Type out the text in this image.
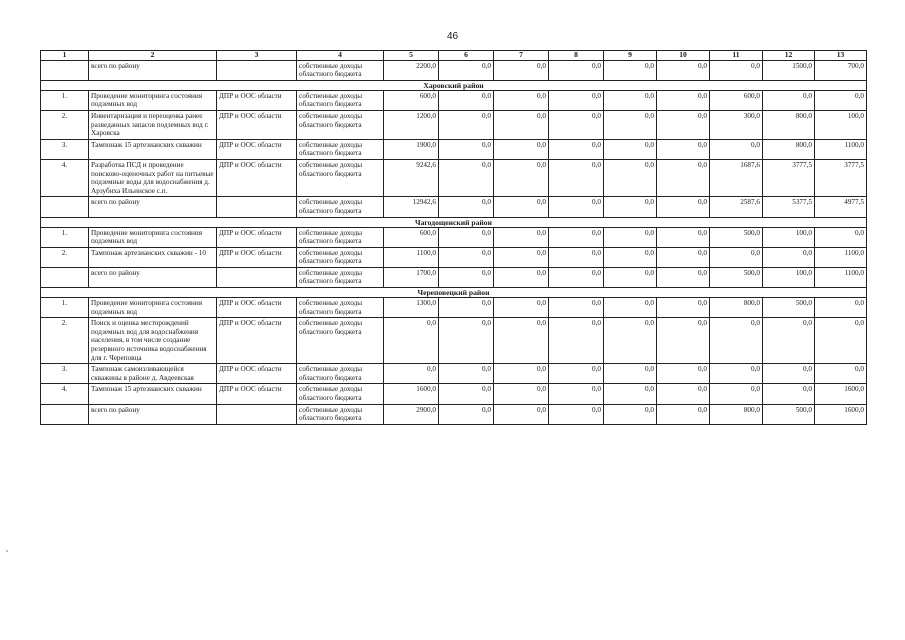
46
1	2	3	4	5	6	7	8	9	10	11	12	13
	всего по району		собственные доходы областного бюджета	2200,0	0,0	0,0	0,0	0,0	0,0	0,0	1500,0	700,0
Харовский район												
1.	Проведение мониторинга состояния подземных вод	ДПР и ООС области	собственные доходы областного бюджета	600,0	0,0	0,0	0,0	0,0	0,0	600,0	0,0	0,0
2.	Инвентаризация и переоценка ранее разведанных запасов подземных вод г. Харовска	ДПР и ООС области	собственные доходы областного бюджета	1200,0	0,0	0,0	0,0	0,0	0,0	300,0	800,0	100,0
3.	Тампонаж 15 артезианских скважин	ДПР и ООС области	собственные доходы областного бюджета	1900,0	0,0	0,0	0,0	0,0	0,0	0,0	800,0	1100,0
4.	Разработка ПСД и проведение поисково-оценочных работ на питьевые подземные воды для водоснабжения д. Арзубиха Ильинское с.п.	ДПР и ООС области	собственные доходы областного бюджета	9242,6	0,0	0,0	0,0	0,0	0,0	1687,6	3777,5	3777,5
	всего по району		собственные доходы областного бюджета	12942,6	0,0	0,0	0,0	0,0	0,0	2587,6	5377,5	4977,5
Чагодощенский район												
1.	Проведение мониторинга состояния подземных вод	ДПР и ООС области	собственные доходы областного бюджета	600,0	0,0	0,0	0,0	0,0	0,0	500,0	100,0	0,0
2.	Тампонаж артезианских скважин - 10	ДПР и ООС области	собственные доходы областного бюджета	1100,0	0,0	0,0	0,0	0,0	0,0	0,0	0,0	1100,0
	всего по району		собственные доходы областного бюджета	1700,0	0,0	0,0	0,0	0,0	0,0	500,0	100,0	1100,0
Череповецкий район												
1.	Проведение мониторинга состояния подземных вод	ДПР и ООС области	собственные доходы областного бюджета	1300,0	0,0	0,0	0,0	0,0	0,0	800,0	500,0	0,0
2.	Поиск и оценка месторождений подземных вод для водоснабжения населения, в том числе создание резервного источника водоснабжения для г. Череповца	ДПР и ООС области	собственные доходы областного бюджета	0,0	0,0	0,0	0,0	0,0	0,0	0,0	0,0	0,0
3.	Тампонаж самоизливающейся скважины в районе д. Авдеевская	ДПР и ООС области	собственные доходы областного бюджета	0,0	0,0	0,0	0,0	0,0	0,0	0,0	0,0	0,0
4.	Тампонаж 15 артезианских скважин	ДПР и ООС области	собственные доходы областного бюджета	1600,0	0,0	0,0	0,0	0,0	0,0	0,0	0,0	1600,0
	всего по району		собственные доходы областного бюджета	2900,0	0,0	0,0	0,0	0,0	0,0	800,0	500,0	1600,0
